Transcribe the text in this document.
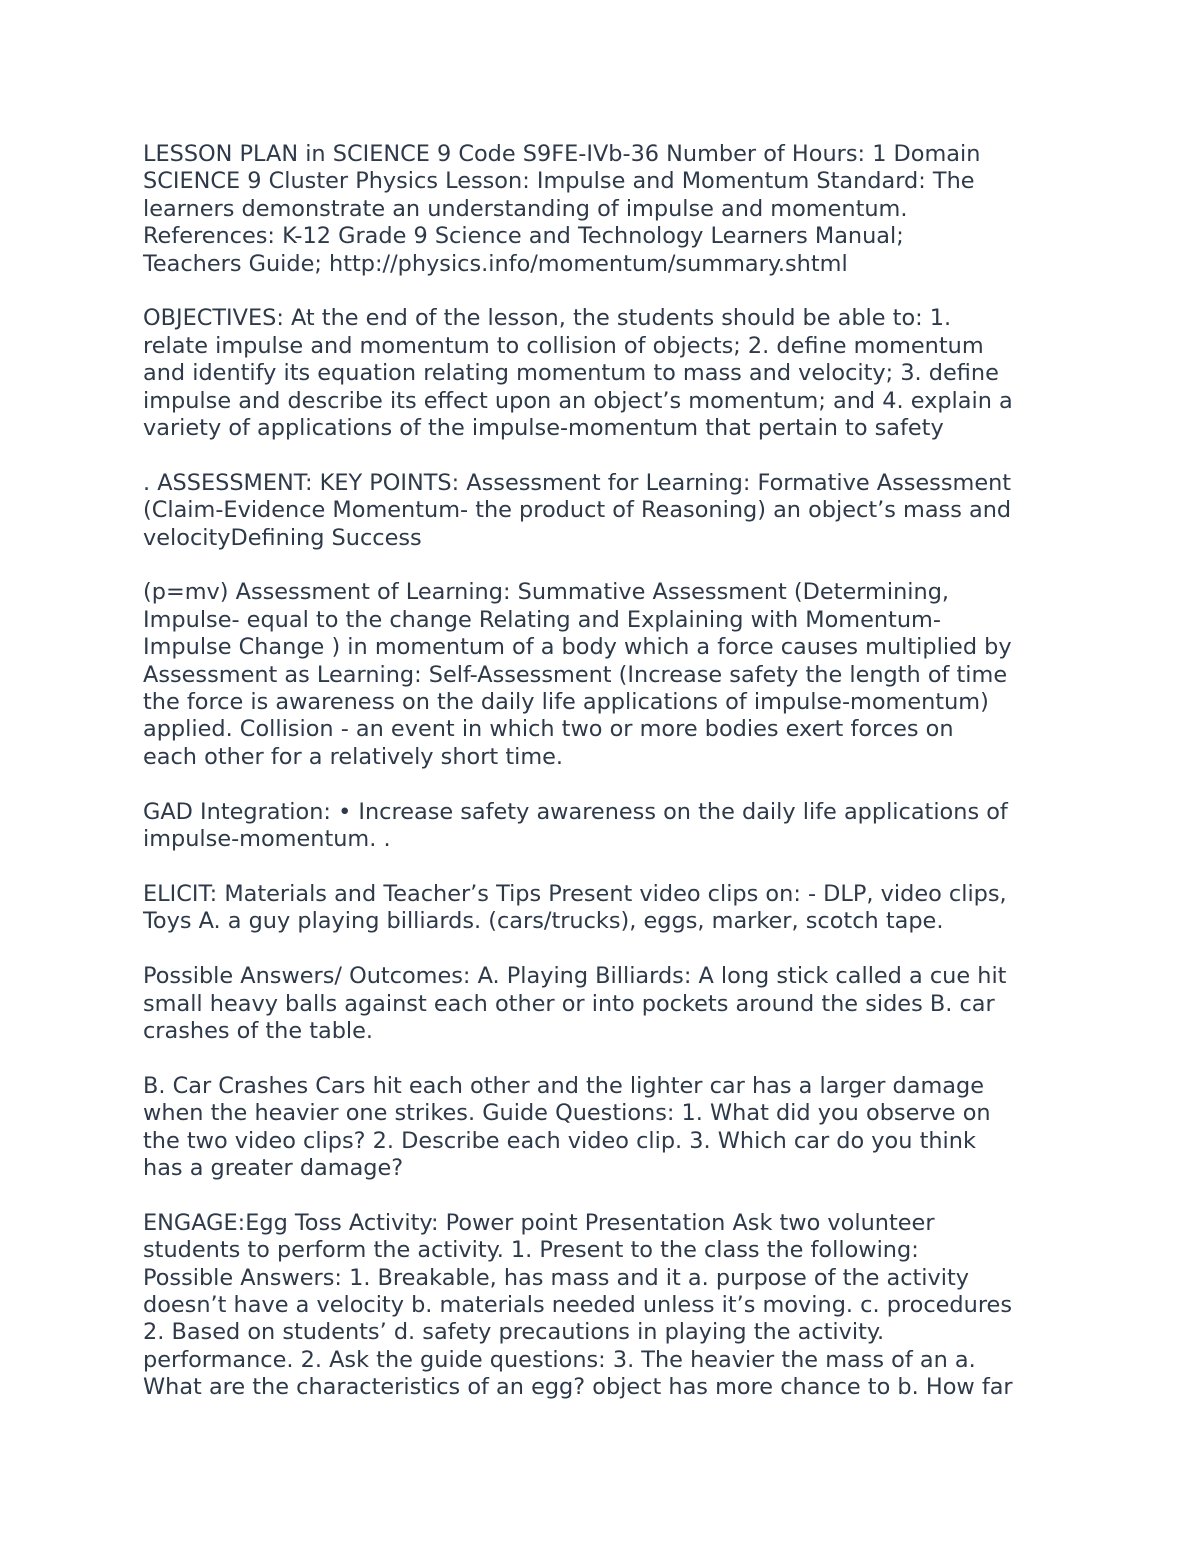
LESSON PLAN in SCIENCE 9 Code S9FE-IVb-36 Number of Hours: 1 Domain
SCIENCE 9 Cluster Physics Lesson: Impulse and Momentum Standard: The
learners demonstrate an understanding of impulse and momentum.
References: K-12 Grade 9 Science and Technology Learners Manual;
Teachers Guide; http://physics.info/momentum/summary.shtml
OBJECTIVES: At the end of the lesson, the students should be able to: 1.
relate impulse and momentum to collision of objects; 2. define momentum
and identify its equation relating momentum to mass and velocity; 3. define
impulse and describe its effect upon an object’s momentum; and 4. explain a
variety of applications of the impulse-momentum that pertain to safety
. ASSESSMENT: KEY POINTS: Assessment for Learning: Formative Assessment
(Claim-Evidence Momentum- the product of Reasoning) an object’s mass and
velocityDefining Success
(p=mv) Assessment of Learning: Summative Assessment (Determining,
Impulse- equal to the change Relating and Explaining with Momentum-
Impulse Change ) in momentum of a body which a force causes multiplied by
Assessment as Learning: Self-Assessment (Increase safety the length of time
the force is awareness on the daily life applications of impulse-momentum)
applied. Collision - an event in which two or more bodies exert forces on
each other for a relatively short time.
GAD Integration: • Increase safety awareness on the daily life applications of
impulse-momentum. .
ELICIT: Materials and Teacher’s Tips Present video clips on: - DLP, video clips,
Toys A. a guy playing billiards. (cars/trucks), eggs, marker, scotch tape.
Possible Answers/ Outcomes: A. Playing Billiards: A long stick called a cue hit
small heavy balls against each other or into pockets around the sides B. car
crashes of the table.
B. Car Crashes Cars hit each other and the lighter car has a larger damage
when the heavier one strikes. Guide Questions: 1. What did you observe on
the two video clips? 2. Describe each video clip. 3. Which car do you think
has a greater damage?
ENGAGE:Egg Toss Activity: Power point Presentation Ask two volunteer
students to perform the activity. 1. Present to the class the following:
Possible Answers: 1. Breakable, has mass and it a. purpose of the activity
doesn’t have a velocity b. materials needed unless it’s moving. c. procedures
2. Based on students’ d. safety precautions in playing the activity.
performance. 2. Ask the guide questions: 3. The heavier the mass of an a.
What are the characteristics of an egg? object has more chance to b. How far
